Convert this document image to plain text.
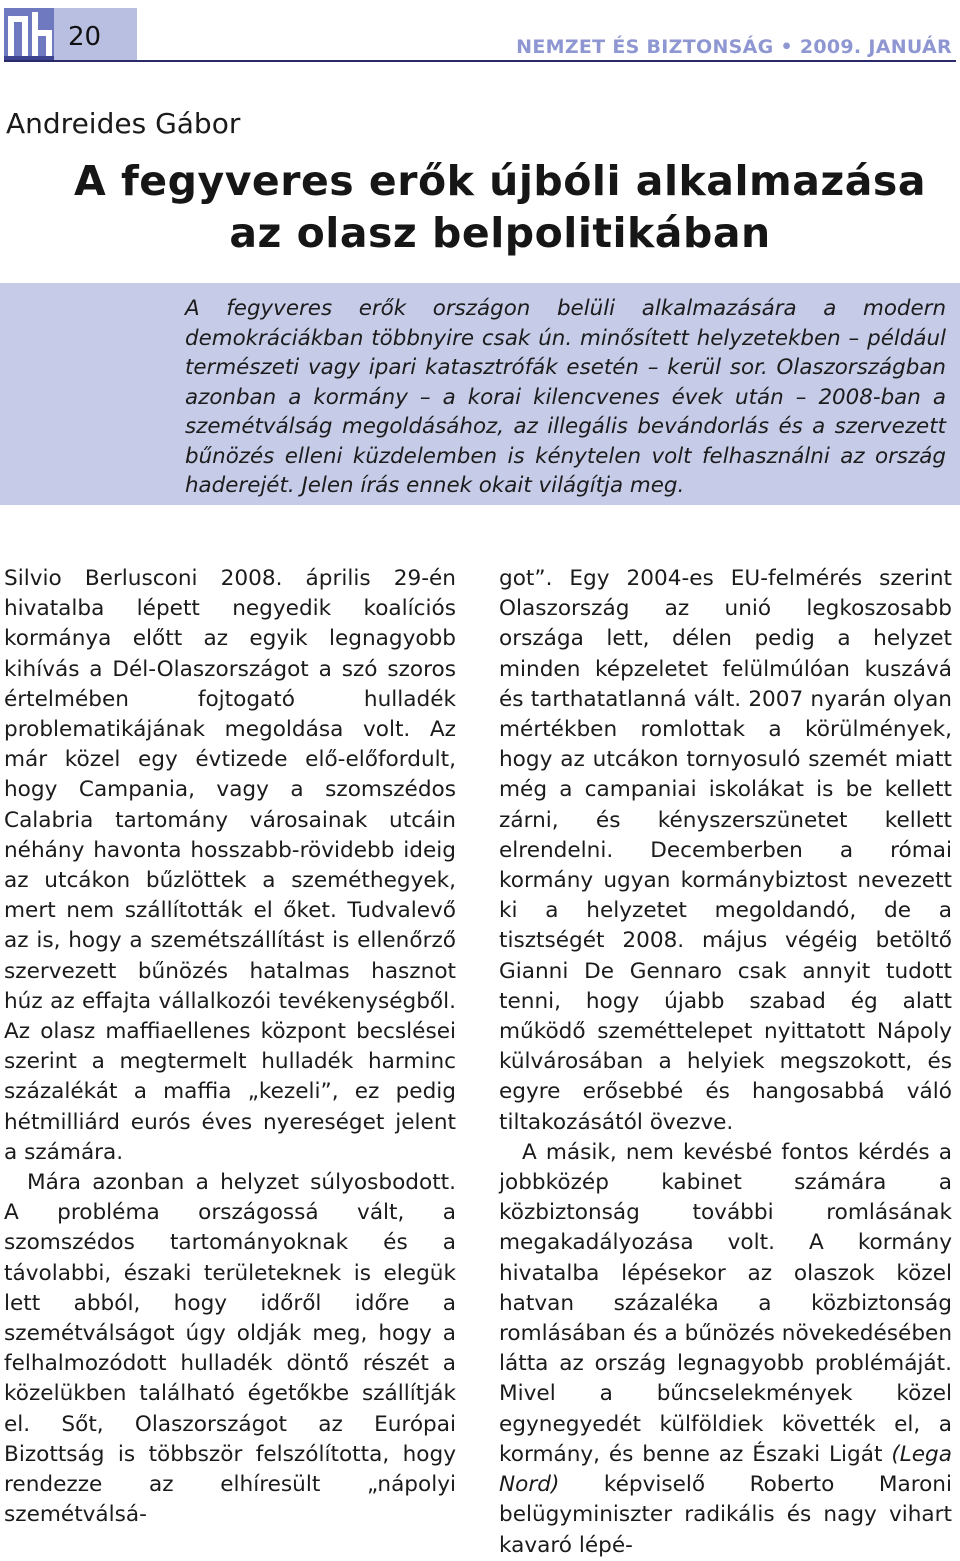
20	NEMZET ÉS BIZTONSÁG • 2009. JANUÁR
Andreides Gábor
A fegyveres erők újbóli alkalmazása
az olasz belpolitikában

A fegyveres erők országon belüli alkalmazására a modern demokráciákban többnyire csak ún. minősített helyzetekben – például természeti vagy ipari katasztrófák esetén – kerül sor. Olaszországban azonban a kormány – a korai kilencvenes évek után – 2008-ban a szemétválság megoldásához, az illegális bevándorlás és a szervezett bűnözés elleni küzdelemben is kénytelen volt felhasználni az ország haderejét. Jelen írás ennek okait világítja meg.

Silvio Berlusconi 2008. április 29-én hivatalba lépett negyedik koalíciós kormánya előtt az egyik legnagyobb kihívás a Dél-Olaszországot a szó szoros értelmében fojtogató hulladék problematikájának megoldása volt. Az már közel egy évtizede elő-előfordult, hogy Campania, vagy a szomszédos Calabria tartomány városainak utcáin néhány havonta hosszabb-rövidebb ideig az utcákon bűzlöttek a szeméthegyek, mert nem szállították el őket. Tudvalevő az is, hogy a szemétszállítást is ellenőrző szervezett bűnözés hatalmas hasznot húz az effajta vállalkozói tevékenységből. Az olasz maffiaellenes központ becslései szerint a megtermelt hulladék harminc százalékát a maffia „kezeli”, ez pedig hétmilliárd eurós éves nyereséget jelent a számára.

Mára azonban a helyzet súlyosbodott. A probléma országossá vált, a szomszédos tartományoknak és a távolabbi, északi területeknek is elegük lett abból, hogy időről időre a szemétválságot úgy oldják meg, hogy a felhalmozódott hulladék döntő részét a közelükben található égetőkbe szállítják el. Sőt, Olaszországot az Európai Bizottság is többször felszólította, hogy rendezze az elhíresült „nápolyi szemétválsá-

got”. Egy 2004-es EU-felmérés szerint Olaszország az unió legkoszosabb országa lett, délen pedig a helyzet minden képzeletet felülmúlóan kuszává és tarthatatlanná vált. 2007 nyarán olyan mértékben romlottak a körülmények, hogy az utcákon tornyosuló szemét miatt még a campaniai iskolákat is be kellett zárni, és kényszerszünetet kellett elrendelni. Decemberben a római kormány ugyan kormánybiztost nevezett ki a helyzetet megoldandó, de a tisztségét 2008. május végéig betöltő Gianni De Gennaro csak annyit tudott tenni, hogy újabb szabad ég alatt működő szeméttelepet nyittatott Nápoly külvárosában a helyiek megszokott, és egyre erősebbé és hangosabbá váló tiltakozásától övezve.

A másik, nem kevésbé fontos kérdés a jobbközép kabinet számára a közbiztonság további romlásának megakadályozása volt. A kormány hivatalba lépésekor az olaszok közel hatvan százaléka a közbiztonság romlásában és a bűnözés növekedésében látta az ország legnagyobb problémáját. Mivel a bűncselekmények közel egynegyedét külföldiek követték el, a kormány, és benne az Északi Ligát (Lega Nord) képviselő Roberto Maroni belügyminiszter radikális és nagy vihart kavaró lépé-
